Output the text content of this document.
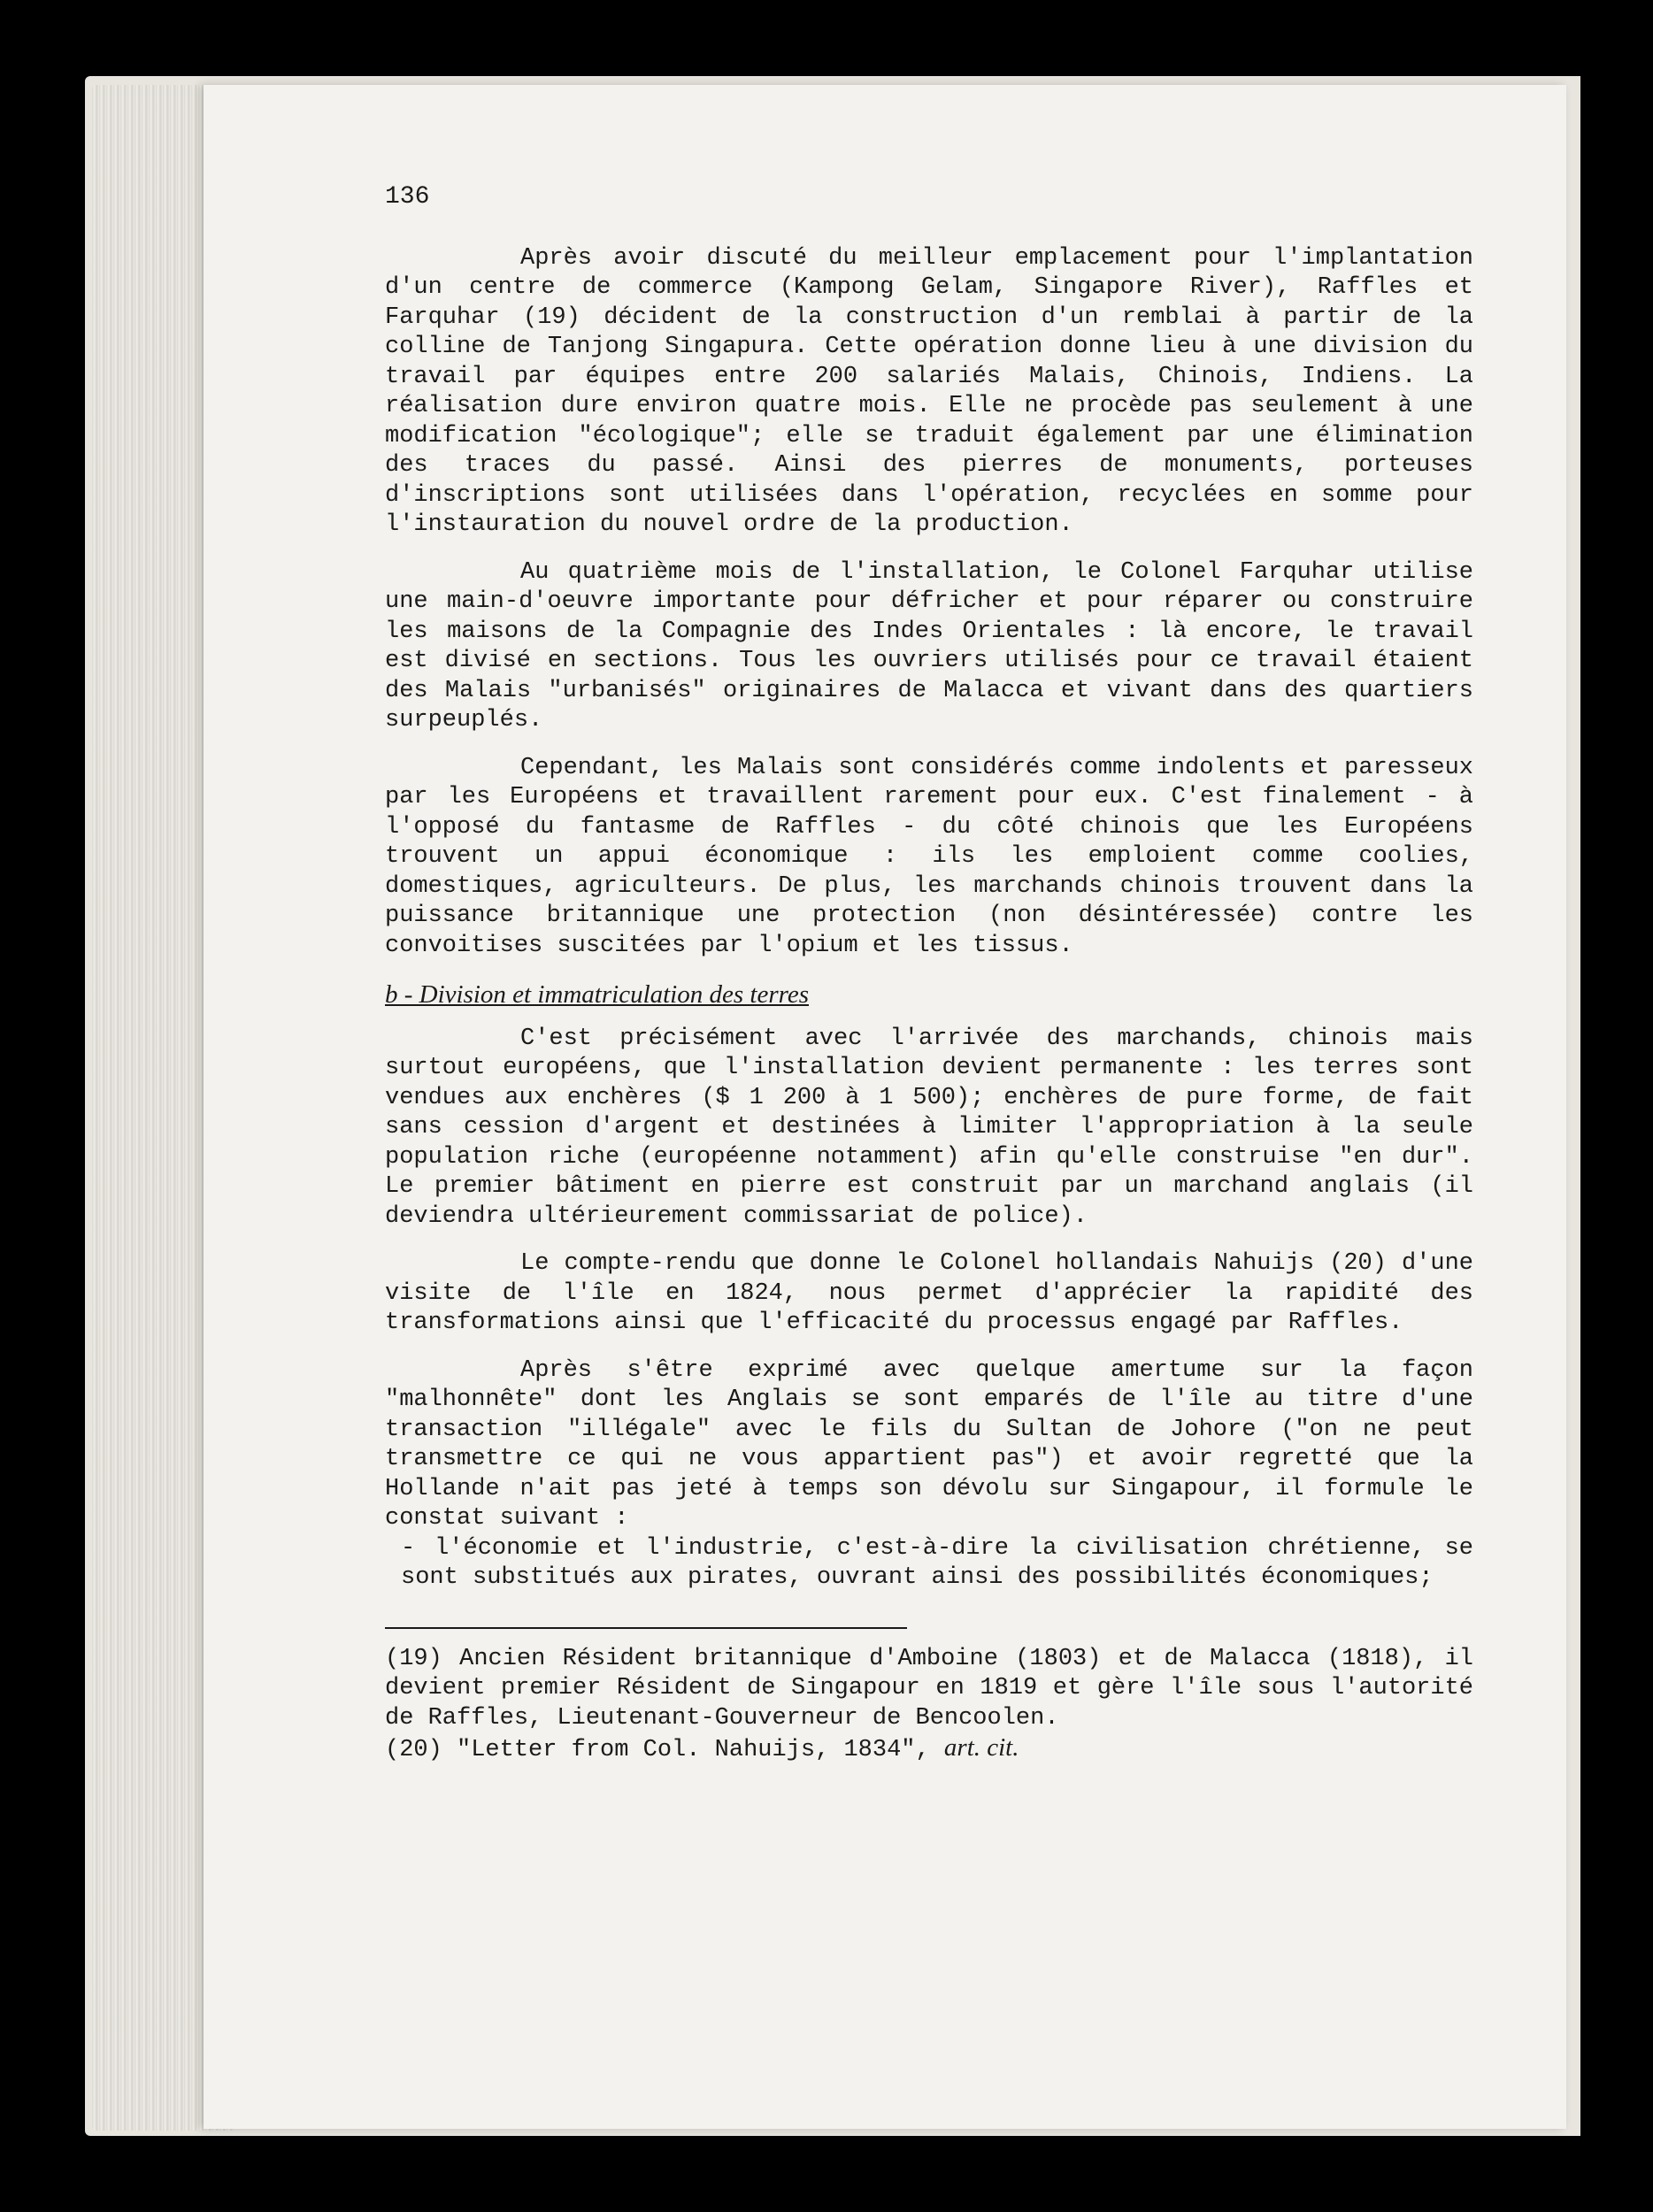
136

Après avoir discuté du meilleur emplacement pour l'implantation d'un centre de commerce (Kampong Gelam, Singapore River), Raffles et Farquhar (19) décident de la construction d'un remblai à partir de la colline de Tanjong Singapura. Cette opération donne lieu à une division du travail par équipes entre 200 salariés Malais, Chinois, Indiens. La réalisation dure environ quatre mois. Elle ne procède pas seulement à une modification "écologique"; elle se traduit également par une élimination des traces du passé. Ainsi des pierres de monuments, porteuses d'inscriptions sont utilisées dans l'opération, recyclées en somme pour l'instauration du nouvel ordre de la production.

Au quatrième mois de l'installation, le Colonel Farquhar utilise une main-d'oeuvre importante pour défricher et pour réparer ou construire les maisons de la Compagnie des Indes Orientales : là encore, le travail est divisé en sections. Tous les ouvriers utilisés pour ce travail étaient des Malais "urbanisés" originaires de Malacca et vivant dans des quartiers surpeuplés.

Cependant, les Malais sont considérés comme indolents et paresseux par les Européens et travaillent rarement pour eux. C'est finalement - à l'opposé du fantasme de Raffles - du côté chinois que les Européens trouvent un appui économique : ils les emploient comme coolies, domestiques, agriculteurs. De plus, les marchands chinois trouvent dans la puissance britannique une protection (non désintéressée) contre les convoitises suscitées par l'opium et les tissus.

b - Division et immatriculation des terres

C'est précisément avec l'arrivée des marchands, chinois mais surtout européens, que l'installation devient permanente : les terres sont vendues aux enchères ($ 1 200 à 1 500); enchères de pure forme, de fait sans cession d'argent et destinées à limiter l'appropriation à la seule population riche (européenne notamment) afin qu'elle construise "en dur". Le premier bâtiment en pierre est construit par un marchand anglais (il deviendra ultérieurement commissariat de police).

Le compte-rendu que donne le Colonel hollandais Nahuijs (20) d'une visite de l'île en 1824, nous permet d'apprécier la rapidité des transformations ainsi que l'efficacité du processus engagé par Raffles.

Après s'être exprimé avec quelque amertume sur la façon "malhonnête" dont les Anglais se sont emparés de l'île au titre d'une transaction "illégale" avec le fils du Sultan de Johore ("on ne peut transmettre ce qui ne vous appartient pas") et avoir regretté que la Hollande n'ait pas jeté à temps son dévolu sur Singapour, il formule le constat suivant :

- l'économie et l'industrie, c'est-à-dire la civilisation chrétienne, se sont substitués aux pirates, ouvrant ainsi des possibilités économiques;

(19) Ancien Résident britannique d'Amboine (1803) et de Malacca (1818), il devient premier Résident de Singapour en 1819 et gère l'île sous l'autorité de Raffles, Lieutenant-Gouverneur de Bencoolen.

(20) "Letter from Col. Nahuijs, 1834", art. cit.
